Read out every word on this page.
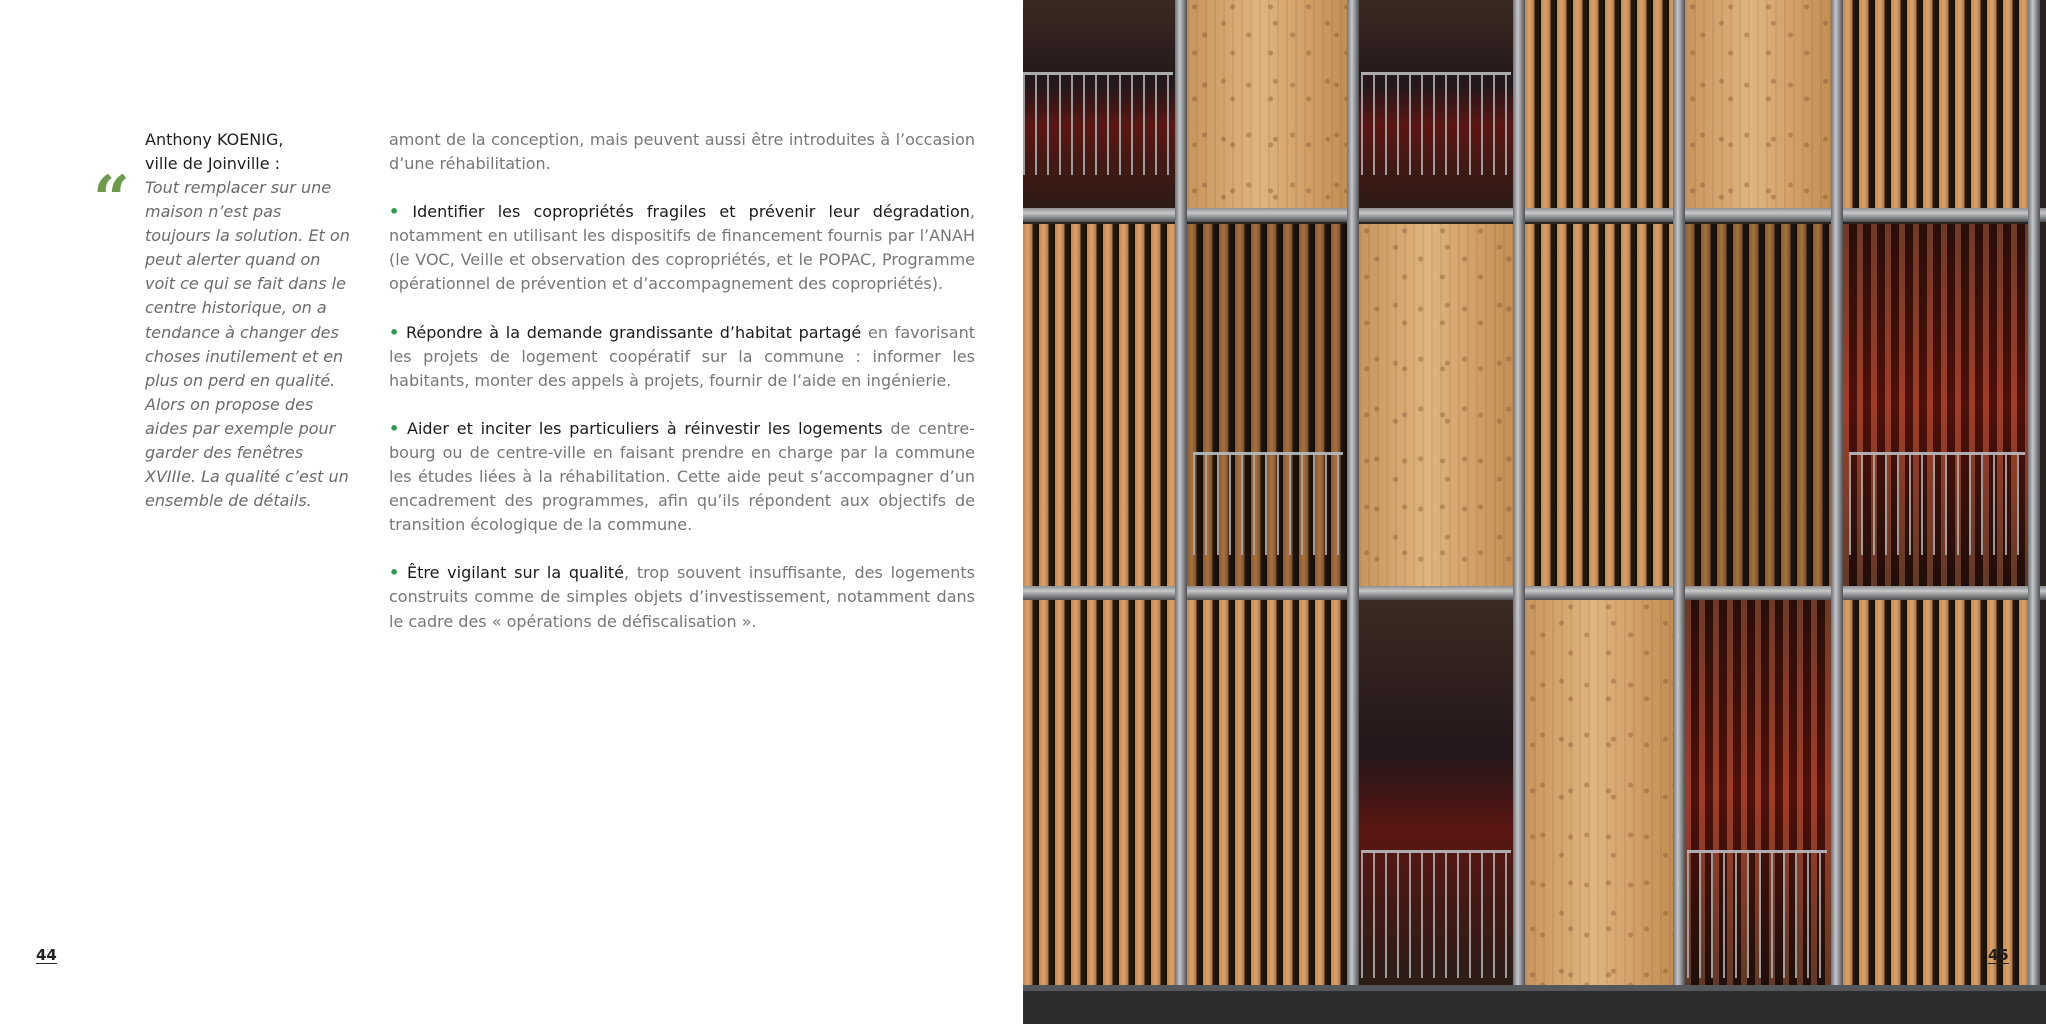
“
Anthony KOENIG,
ville de Joinville :
Tout remplacer sur une maison n’est pas toujours la solution. Et on peut alerter quand on voit ce qui se fait dans le centre historique, on a tendance à changer des choses inutilement et en plus on perd en qualité. Alors on propose des aides par exemple pour garder des fenêtres XVIIIe. La qualité c’est un ensemble de détails.

amont de la conception, mais peuvent aussi être introduites à l’occasion d’une réhabilitation.

• Identifier les copropriétés fragiles et prévenir leur dégradation, notamment en utilisant les dispositifs de financement fournis par l’ANAH (le VOC, Veille et observation des copropriétés, et le POPAC, Programme opérationnel de prévention et d’accompagnement des copropriétés).

• Répondre à la demande grandissante d’habitat partagé en favorisant les projets de logement coopératif sur la commune : informer les habitants, monter des appels à projets, fournir de l’aide en ingénierie.

• Aider et inciter les particuliers à réinvestir les logements de centre-bourg ou de centre-ville en faisant prendre en charge par la commune les études liées à la réhabilitation. Cette aide peut s’accompagner d’un encadrement des programmes, afin qu’ils répondent aux objectifs de transition écologique de la commune.

• Être vigilant sur la qualité, trop souvent insuffisante, des logements construits comme de simples objets d’investissement, notamment dans le cadre des « opérations de défiscalisation ».

44	45
